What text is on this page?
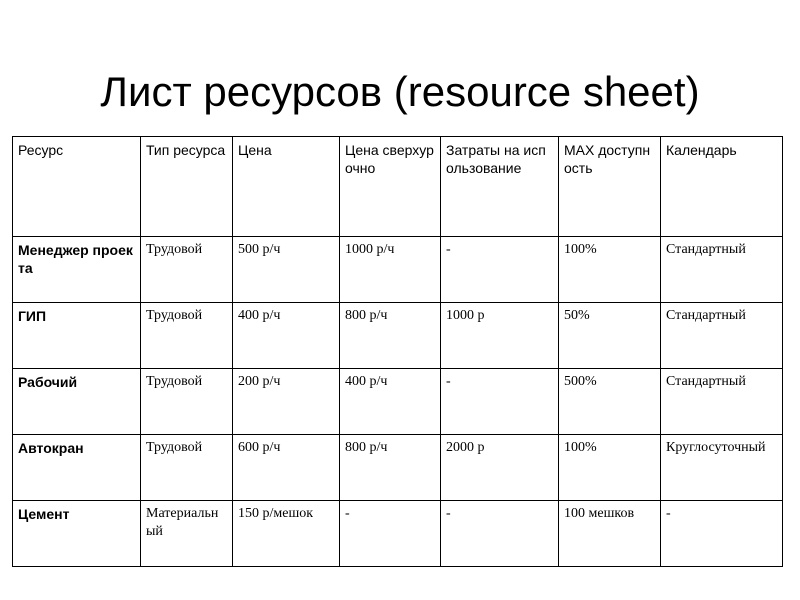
Лист ресурсов (resource sheet)
Ресурс	Тип ресурса	Цена	Цена сверхурочно	Затраты на использование	MAX доступность	Календарь
Менеджер проекта	Трудовой	500 р/ч	1000 р/ч	-	100%	Стандартный
ГИП	Трудовой	400 р/ч	800 р/ч	1000 р	50%	Стандартный
Рабочий	Трудовой	200 р/ч	400 р/ч	-	500%	Стандартный
Автокран	Трудовой	600 р/ч	800 р/ч	2000 р	100%	Круглосуточный
Цемент	Материальный	150 р/мешок	-	-	100 мешков	-
